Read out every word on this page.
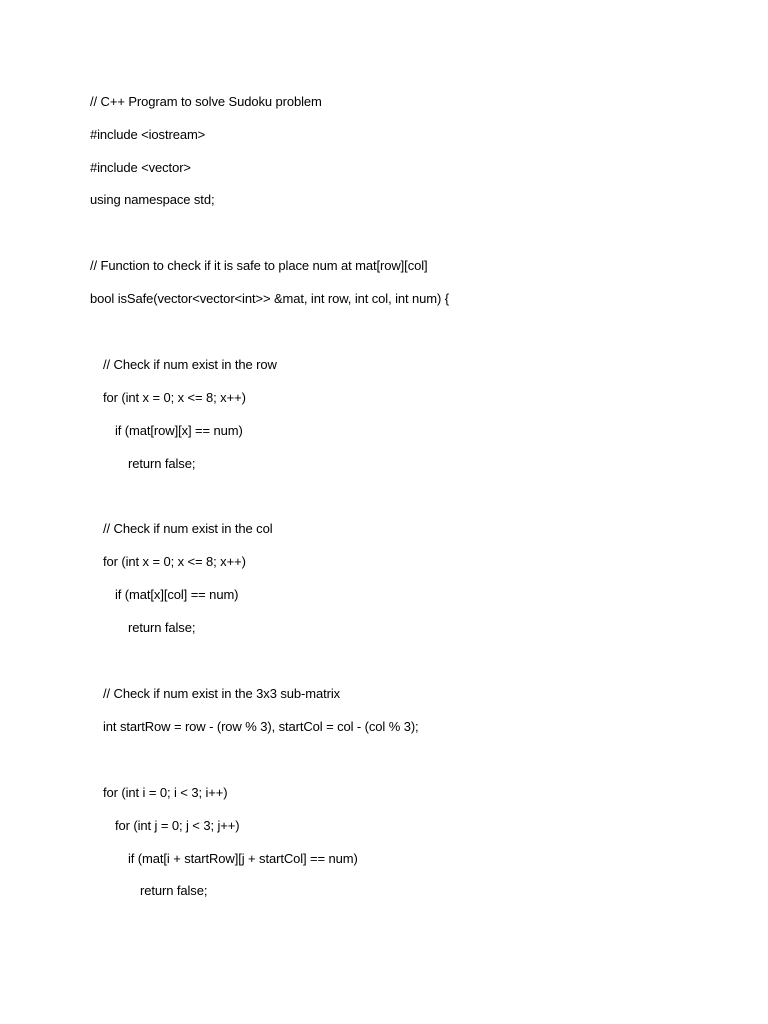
// C++ Program to solve Sudoku problem
#include <iostream>
#include <vector>
using namespace std;
// Function to check if it is safe to place num at mat[row][col]
bool isSafe(vector<vector<int>> &mat, int row, int col, int num) {
// Check if num exist in the row
for (int x = 0; x <= 8; x++)
if (mat[row][x] == num)
return false;
// Check if num exist in the col
for (int x = 0; x <= 8; x++)
if (mat[x][col] == num)
return false;
// Check if num exist in the 3x3 sub-matrix
int startRow = row - (row % 3), startCol = col - (col % 3);
for (int i = 0; i < 3; i++)
for (int j = 0; j < 3; j++)
if (mat[i + startRow][j + startCol] == num)
return false;
